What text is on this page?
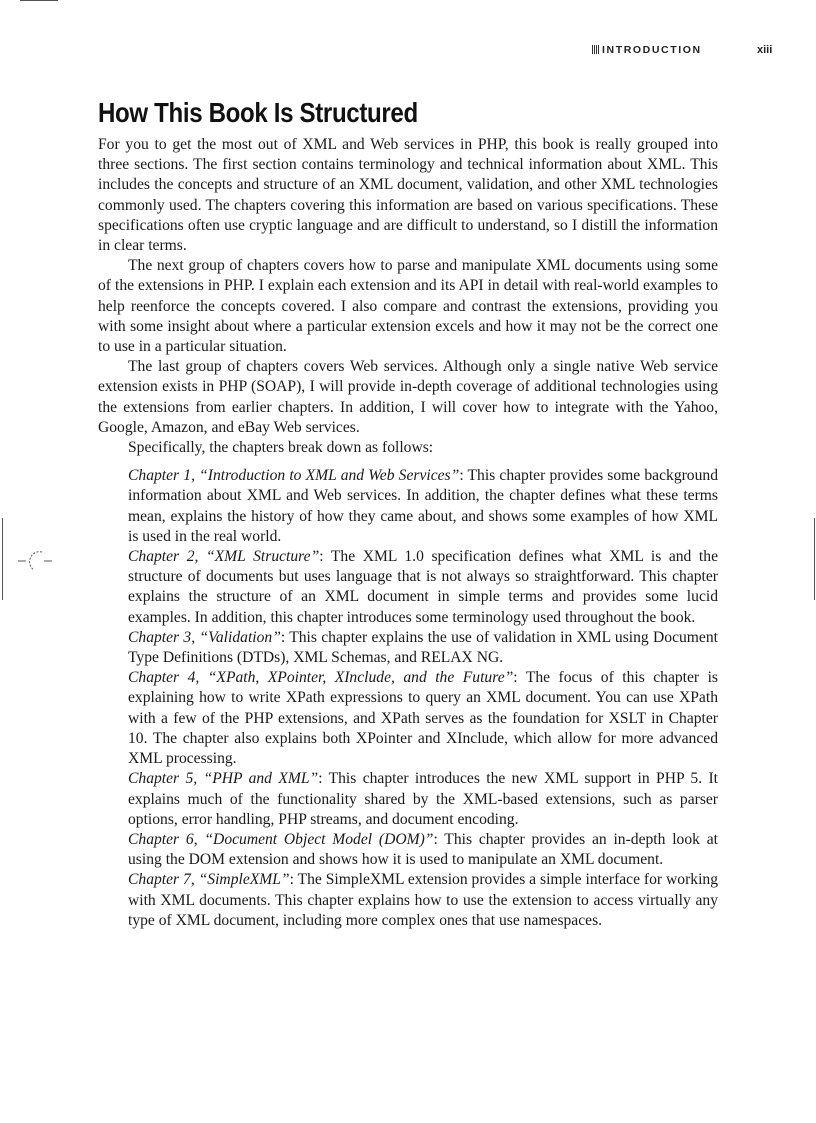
INTRODUCTION	xiii
How This Book Is Structured

For you to get the most out of XML and Web services in PHP, this book is really grouped into three sections. The first section contains terminology and technical information about XML. This includes the concepts and structure of an XML document, validation, and other XML technologies commonly used. The chapters covering this information are based on various specifications. These specifications often use cryptic language and are difficult to understand, so I distill the information in clear terms.

The next group of chapters covers how to parse and manipulate XML documents using some of the extensions in PHP. I explain each extension and its API in detail with real-world examples to help reenforce the concepts covered. I also compare and contrast the extensions, providing you with some insight about where a particular extension excels and how it may not be the correct one to use in a particular situation.

The last group of chapters covers Web services. Although only a single native Web service extension exists in PHP (SOAP), I will provide in-depth coverage of additional technologies using the extensions from earlier chapters. In addition, I will cover how to integrate with the Yahoo, Google, Amazon, and eBay Web services.

Specifically, the chapters break down as follows:

Chapter 1, “Introduction to XML and Web Services”: This chapter provides some background information about XML and Web services. In addition, the chapter defines what these terms mean, explains the history of how they came about, and shows some examples of how XML is used in the real world.

Chapter 2, “XML Structure”: The XML 1.0 specification defines what XML is and the structure of documents but uses language that is not always so straightforward. This chapter explains the structure of an XML document in simple terms and provides some lucid examples. In addition, this chapter introduces some terminology used throughout the book.

Chapter 3, “Validation”: This chapter explains the use of validation in XML using Document Type Definitions (DTDs), XML Schemas, and RELAX NG.

Chapter 4, “XPath, XPointer, XInclude, and the Future”: The focus of this chapter is explaining how to write XPath expressions to query an XML document. You can use XPath with a few of the PHP extensions, and XPath serves as the foundation for XSLT in Chapter 10. The chapter also explains both XPointer and XInclude, which allow for more advanced XML processing.

Chapter 5, “PHP and XML”: This chapter introduces the new XML support in PHP 5. It explains much of the functionality shared by the XML-based extensions, such as parser options, error handling, PHP streams, and document encoding.

Chapter 6, “Document Object Model (DOM)”: This chapter provides an in-depth look at using the DOM extension and shows how it is used to manipulate an XML document.

Chapter 7, “SimpleXML”: The SimpleXML extension provides a simple interface for working with XML documents. This chapter explains how to use the extension to access virtually any type of XML document, including more complex ones that use namespaces.
